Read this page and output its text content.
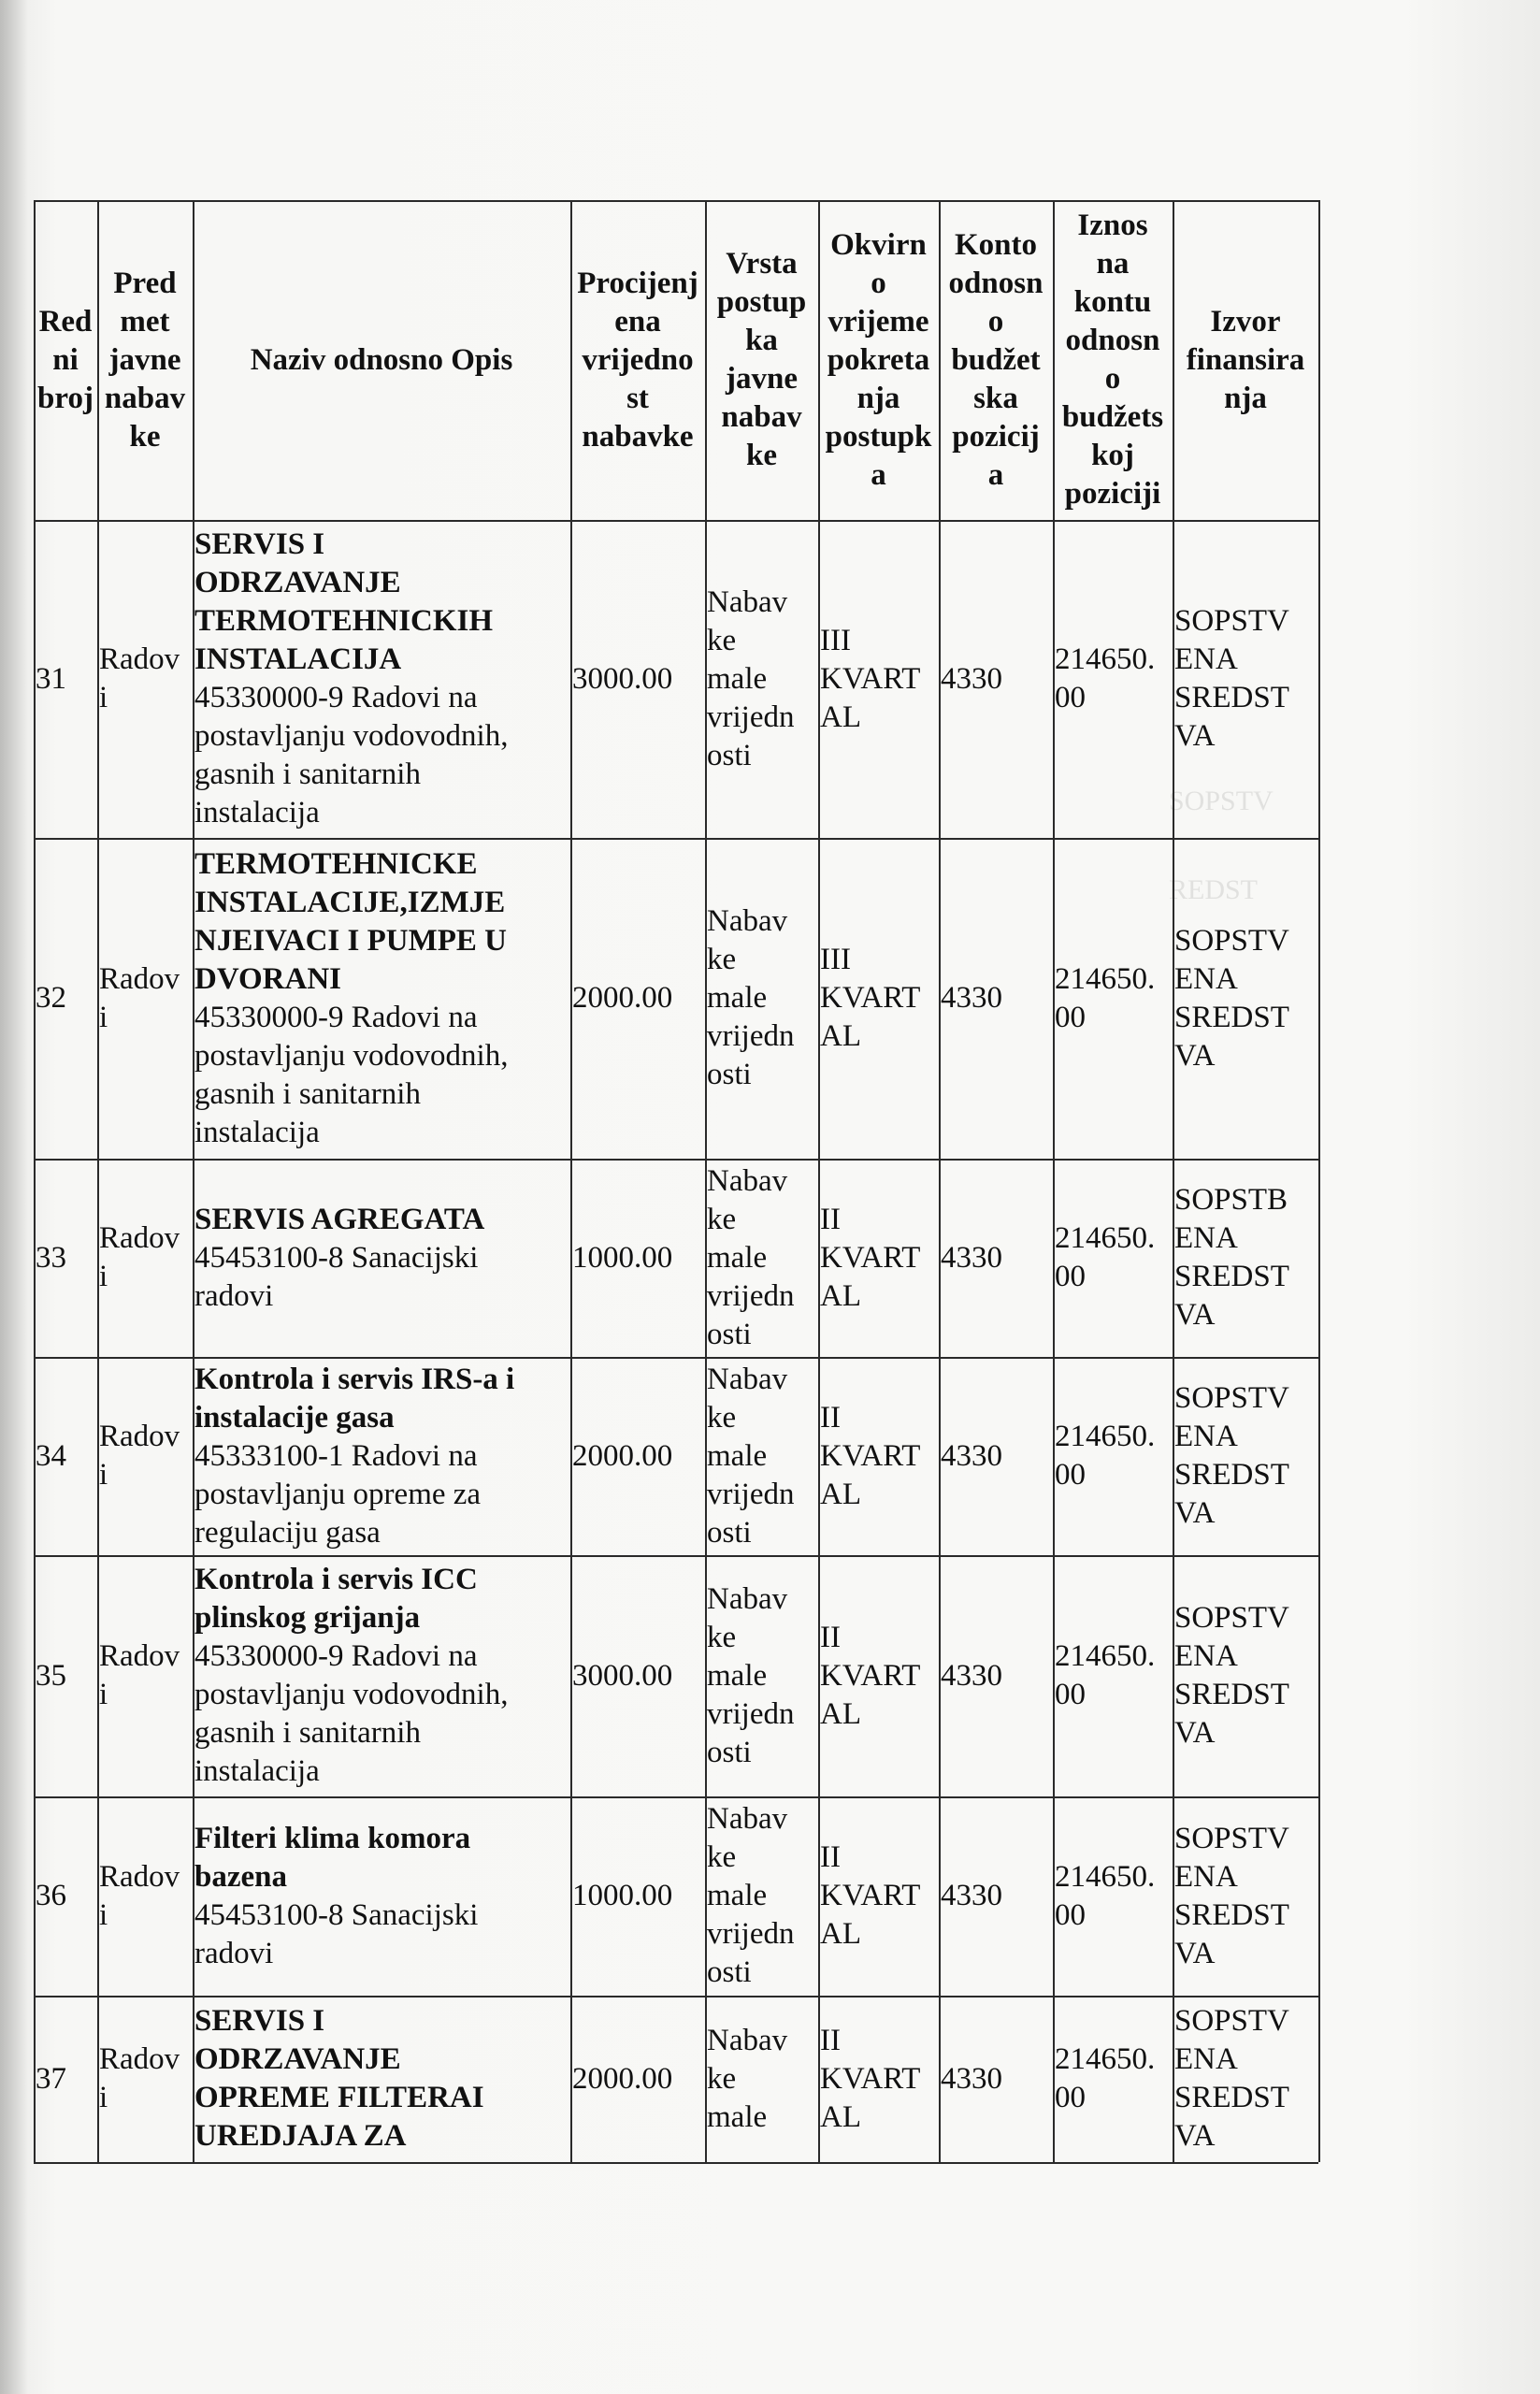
SOPSTV
REDST
Red
ni
broj
Pred
met
javne
nabav
ke
Naziv odnosno Opis
Procijenj
ena
vrijedno
st
nabavke
Vrsta
postup
ka
javne
nabav
ke
Okvirn
o
vrijeme
pokreta
nja
postupk
a
Konto
odnosn
o
budžet
ska
pozicij
a
Iznos
na
kontu
odnosn
o
budžets
koj
poziciji
Izvor
finansira
nja
31
Radov
i
SERVIS I
ODRZAVANJE
TERMOTEHNICKIH
INSTALACIJA
45330000-9 Radovi na
postavljanju vodovodnih,
gasnih i sanitarnih
instalacija
3000.00
Nabav
ke
male
vrijedn
osti
III
KVART
AL
4330
214650.
00
SOPSTV
ENA
SREDST
VA
32
Radov
i
TERMOTEHNICKE
INSTALACIJE,IZMJE
NJEIVACI I PUMPE U
DVORANI
45330000-9 Radovi na
postavljanju vodovodnih,
gasnih i sanitarnih
instalacija
2000.00
Nabav
ke
male
vrijedn
osti
III
KVART
AL
4330
214650.
00
SOPSTV
ENA
SREDST
VA
33
Radov
i
SERVIS AGREGATA
45453100-8 Sanacijski
radovi
1000.00
Nabav
ke
male
vrijedn
osti
II
KVART
AL
4330
214650.
00
SOPSTB
ENA
SREDST
VA
34
Radov
i
Kontrola i servis IRS-a i
instalacije gasa
45333100-1 Radovi na
postavljanju opreme za
regulaciju gasa
2000.00
Nabav
ke
male
vrijedn
osti
II
KVART
AL
4330
214650.
00
SOPSTV
ENA
SREDST
VA
35
Radov
i
Kontrola i servis ICC
plinskog grijanja
45330000-9 Radovi na
postavljanju vodovodnih,
gasnih i sanitarnih
instalacija
3000.00
Nabav
ke
male
vrijedn
osti
II
KVART
AL
4330
214650.
00
SOPSTV
ENA
SREDST
VA
36
Radov
i
Filteri klima komora
bazena
45453100-8 Sanacijski
radovi
1000.00
Nabav
ke
male
vrijedn
osti
II
KVART
AL
4330
214650.
00
SOPSTV
ENA
SREDST
VA
37
Radov
i
SERVIS I
ODRZAVANJE
OPREME FILTERAI
UREDJAJA ZA
2000.00
Nabav
ke
male
II
KVART
AL
4330
214650.
00
SOPSTV
ENA
SREDST
VA
